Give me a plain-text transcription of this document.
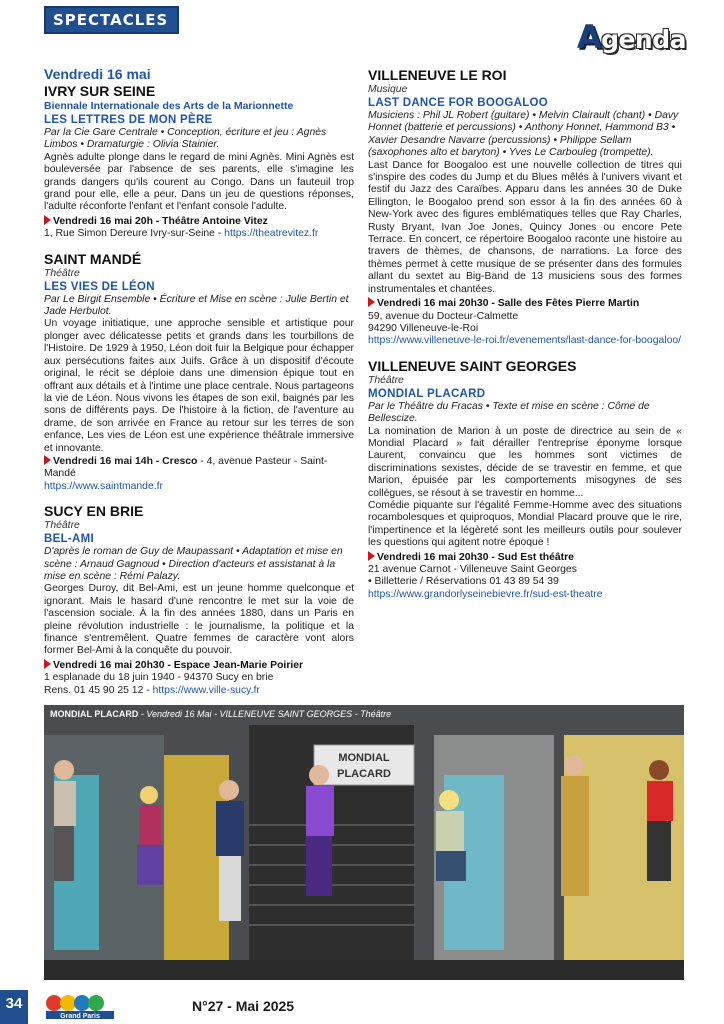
SPECTACLES	Agenda
Vendredi 16 mai
IVRY SUR SEINE
Biennale Internationale des Arts de la Marionnette
LES LETTRES DE MON PÈRE
Par la Cie Gare Centrale • Conception, écriture et jeu : Agnès Limbos • Dramaturgie : Olivia Stainier.

Agnès adulte plonge dans le regard de mini Agnès. Mini Agnès est bouleversée par l'absence de ses parents, elle s'imagine les grands dangers qu'ils courent au Congo. Dans un fauteuil trop grand pour elle, elle a peur. Dans un jeu de questions réponses, l'adulte réconforte l'enfant et l'enfant console l'adulte.

Vendredi 16 mai 20h - Théâtre Antoine Vitez
1, Rue Simon Dereure Ivry-sur-Seine - https://theatrevitez.fr
SAINT MANDÉ
Théâtre
LES VIES DE LÉON
Par Le Birgit Ensemble • Écriture et Mise en scène : Julie Bertin et Jade Herbulot.

Un voyage initiatique, une approche sensible et artistique pour plonger avec délicatesse petits et grands dans les tourbillons de l'Histoire. De 1929 à 1950, Léon doit fuir la Belgique pour échapper aux persécutions faites aux Juifs. Grâce à un dispositif d'écoute original, le récit se déploie dans une dimension épique tout en offrant aux détails et à l'intime une place centrale. Nous partageons la vie de Léon. Nous vivons les étapes de son exil, baignés par les sons de différents pays. De l'histoire à la fiction, de l'aventure au drame, de son arrivée en France au retour sur les terres de son enfance, Les vies de Léon est une expérience théâtrale immersive et innovante.

Vendredi 16 mai 14h - Cresco - 4, avenue Pasteur - Saint-Mandé
https://www.saintmande.fr
SUCY EN BRIE
Théâtre
BEL-AMI
D'après le roman de Guy de Maupassant • Adaptation et mise en scène : Arnaud Gagnoud • Direction d'acteurs et assistanat à la mise en scène : Rémi Palazy.

Georges Duroy, dit Bel-Ami, est un jeune homme quelconque et ignorant. Mais le hasard d'une rencontre le met sur la voie de l'ascension sociale. À la fin des années 1880, dans un Paris en pleine révolution industrielle : le journalisme, la politique et la finance s'entremêlent. Quatre femmes de caractère vont alors former Bel-Ami à la conquête du pouvoir.

Vendredi 16 mai 20h30 - Espace Jean-Marie Poirier
1 esplanade du 18 juin 1940 - 94370 Sucy en brie
Rens. 01 45 90 25 12 - https://www.ville-sucy.fr
VILLENEUVE LE ROI
Musique
LAST DANCE FOR BOOGALOO
Musiciens : Phil JL Robert (guitare) • Melvin Clairault (chant) • Davy Honnet (batterie et percussions) • Anthony Honnet, Hammond B3 • Xavier Desandre Navarre (percussions) • Philippe Sellam (saxophones alto et baryton) • Yves Le Carbouleg (trompette).

Last Dance for Boogaloo est une nouvelle collection de titres qui s'inspire des codes du Jump et du Blues mêlés à l'univers vivant et festif du Jazz des Caraïbes. Apparu dans les années 30 de Duke Ellington, le Boogaloo prend son essor à la fin des années 60 à New-York avec des figures emblématiques telles que Ray Charles, Rusty Bryant, Ivan Joe Jones, Quincy Jones ou encore Pete Terrace. En concert, ce répertoire Boogaloo raconte une histoire au travers de thèmes, de chansons, de narrations. La force des thèmes permet à cette musique de se présenter dans des formules allant du sextet au Big-Band de 13 musiciens sous des formes instrumentales et chantées.

Vendredi 16 mai 20h30 - Salle des Fêtes Pierre Martin
59, avenue du Docteur-Calmette
94290 Villeneuve-le-Roi
https://www.villeneuve-le-roi.fr/evenements/last-dance-for-boogaloo/
VILLENEUVE SAINT GEORGES
Théâtre
MONDIAL PLACARD
Par le Théâtre du Fracas • Texte et mise en scène : Côme de Bellescize.

La nomination de Marion à un poste de directrice au sein de « Mondial Placard » fait dérailler l'entreprise éponyme lorsque Laurent, convaincu que les hommes sont victimes de discriminations sexistes, décide de se travestir en femme, et que Marion, épuisée par les comportements misogynes de ses collègues, se résout à se travestir en homme...

Comédie piquante sur l'égalité Femme-Homme avec des situations rocambolesques et quiproquos, Mondial Placard prouve que le rire, l'impertinence et la légèreté sont les meilleurs outils pour soulever les questions qui agitent notre époque !

Vendredi 16 mai 20h30 - Sud Est théâtre
21 avenue Carnot - Villeneuve Saint Georges
• Billetterie / Réservations 01 43 89 54 39
https://www.grandorlyseinebievre.fr/sud-est-theatre
MONDIAL PLACARD - Vendredi 16 Mai - VILLENEUVE SAINT GEORGES - Théâtre
MONDIAL
PLACARD
34
Grand Paris
N°27 - Mai 2025
